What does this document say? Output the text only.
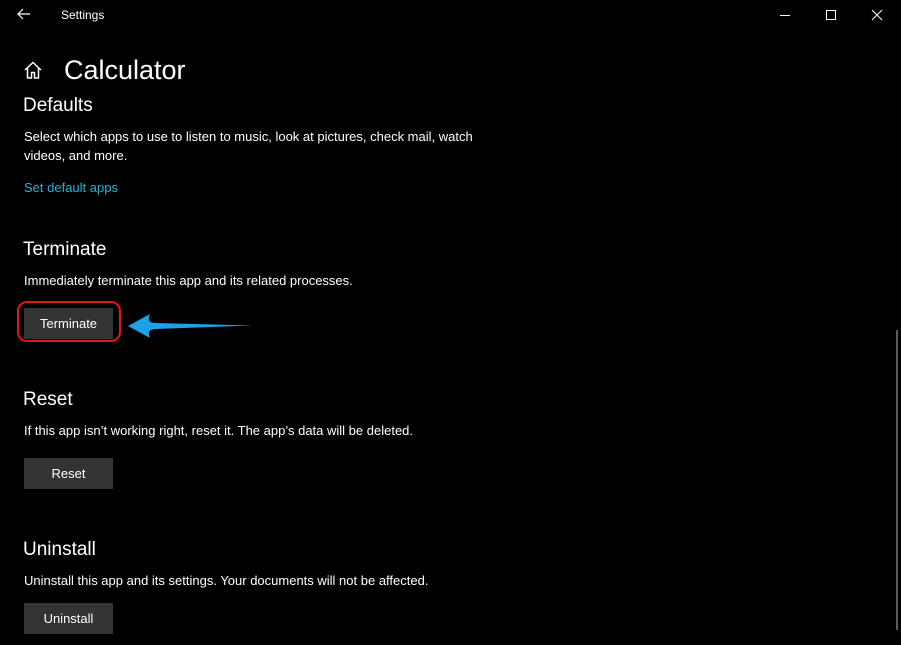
Settings
Calculator
Defaults
Select which apps to use to listen to music, look at pictures, check mail, watch videos, and more.
Set default apps
Terminate
Immediately terminate this app and its related processes.
Terminate
Reset
If this app isn’t working right, reset it. The app’s data will be deleted.
Reset
Uninstall
Uninstall this app and its settings. Your documents will not be affected.
Uninstall
